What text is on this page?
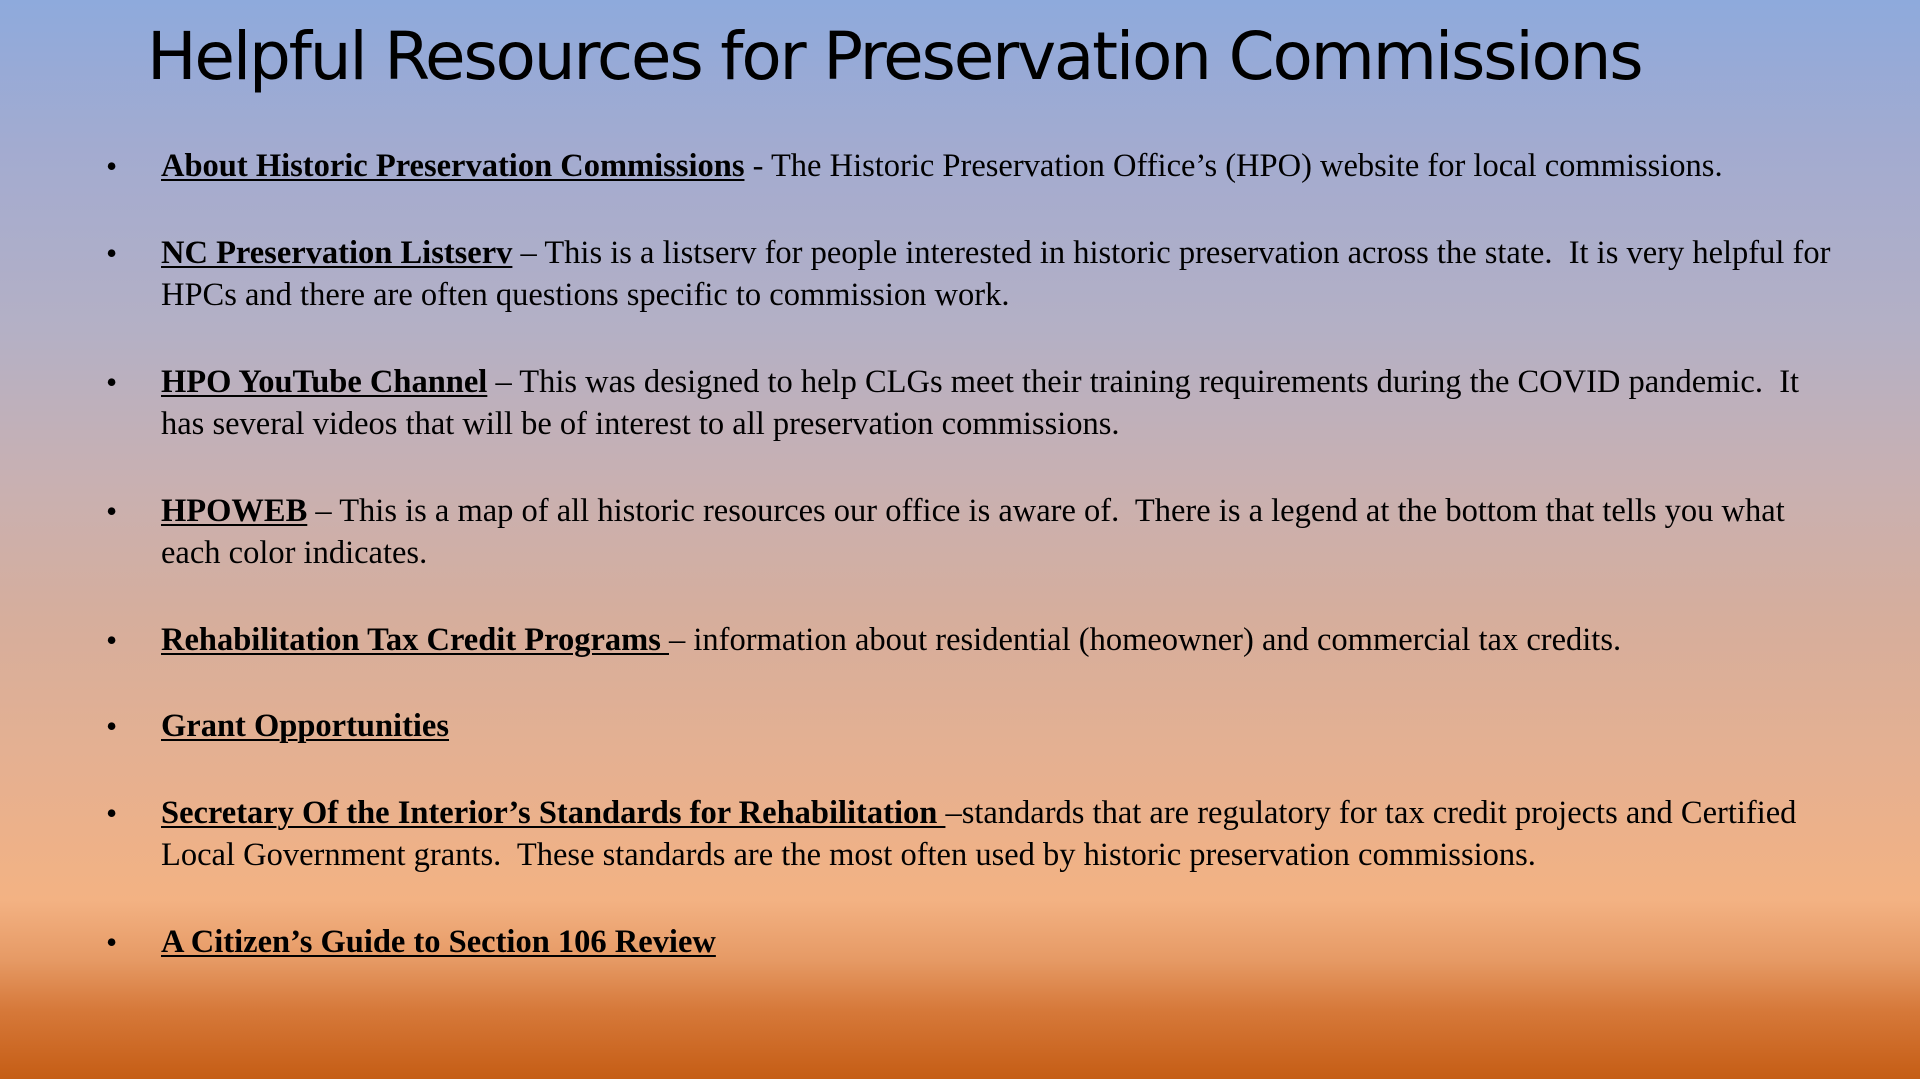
Helpful Resources for Preservation Commissions
• About Historic Preservation Commissions - The Historic Preservation Office’s (HPO) website for local commissions.
• NC Preservation Listserv – This is a listserv for people interested in historic preservation across the state.  It is very helpful for HPCs and there are often questions specific to commission work.
• HPO YouTube Channel – This was designed to help CLGs meet their training requirements during the COVID pandemic.  It has several videos that will be of interest to all preservation commissions.
• HPOWEB – This is a map of all historic resources our office is aware of.  There is a legend at the bottom that tells you what each color indicates.
• Rehabilitation Tax Credit Programs – information about residential (homeowner) and commercial tax credits.
• Grant Opportunities
• Secretary Of the Interior’s Standards for Rehabilitation –standards that are regulatory for tax credit projects and Certified Local Government grants.  These standards are the most often used by historic preservation commissions.
• A Citizen’s Guide to Section 106 Review
